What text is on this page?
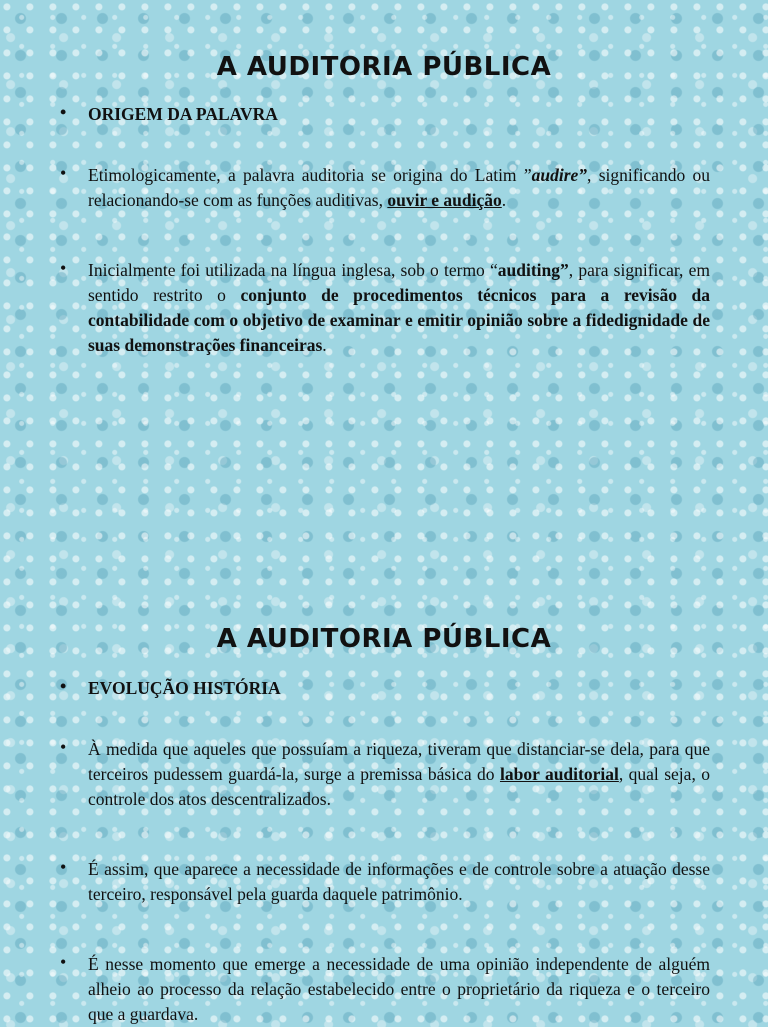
A AUDITORIA PÚBLICA
• ORIGEM DA PALAVRA
• Etimologicamente, a palavra auditoria se origina do Latim ”audire”, significando ou relacionando-se com as funções auditivas, ouvir e audição.
• Inicialmente foi utilizada na língua inglesa, sob o termo “auditing”, para significar, em sentido restrito o conjunto de procedimentos técnicos para a revisão da contabilidade com o objetivo de examinar e emitir opinião sobre a fidedignidade de suas demonstrações financeiras.
A AUDITORIA PÚBLICA
• EVOLUÇÃO HISTÓRIA
• À medida que aqueles que possuíam a riqueza, tiveram que distanciar-se dela, para que terceiros pudessem guardá-la, surge a premissa básica do labor auditorial, qual seja, o controle dos atos descentralizados.
• É assim, que aparece a necessidade de informações e de controle sobre a atuação desse terceiro, responsável pela guarda daquele patrimônio.
• É nesse momento que emerge a necessidade de uma opinião independente de alguém alheio ao processo da relação estabelecido entre o proprietário da riqueza e o terceiro que a guardava.
